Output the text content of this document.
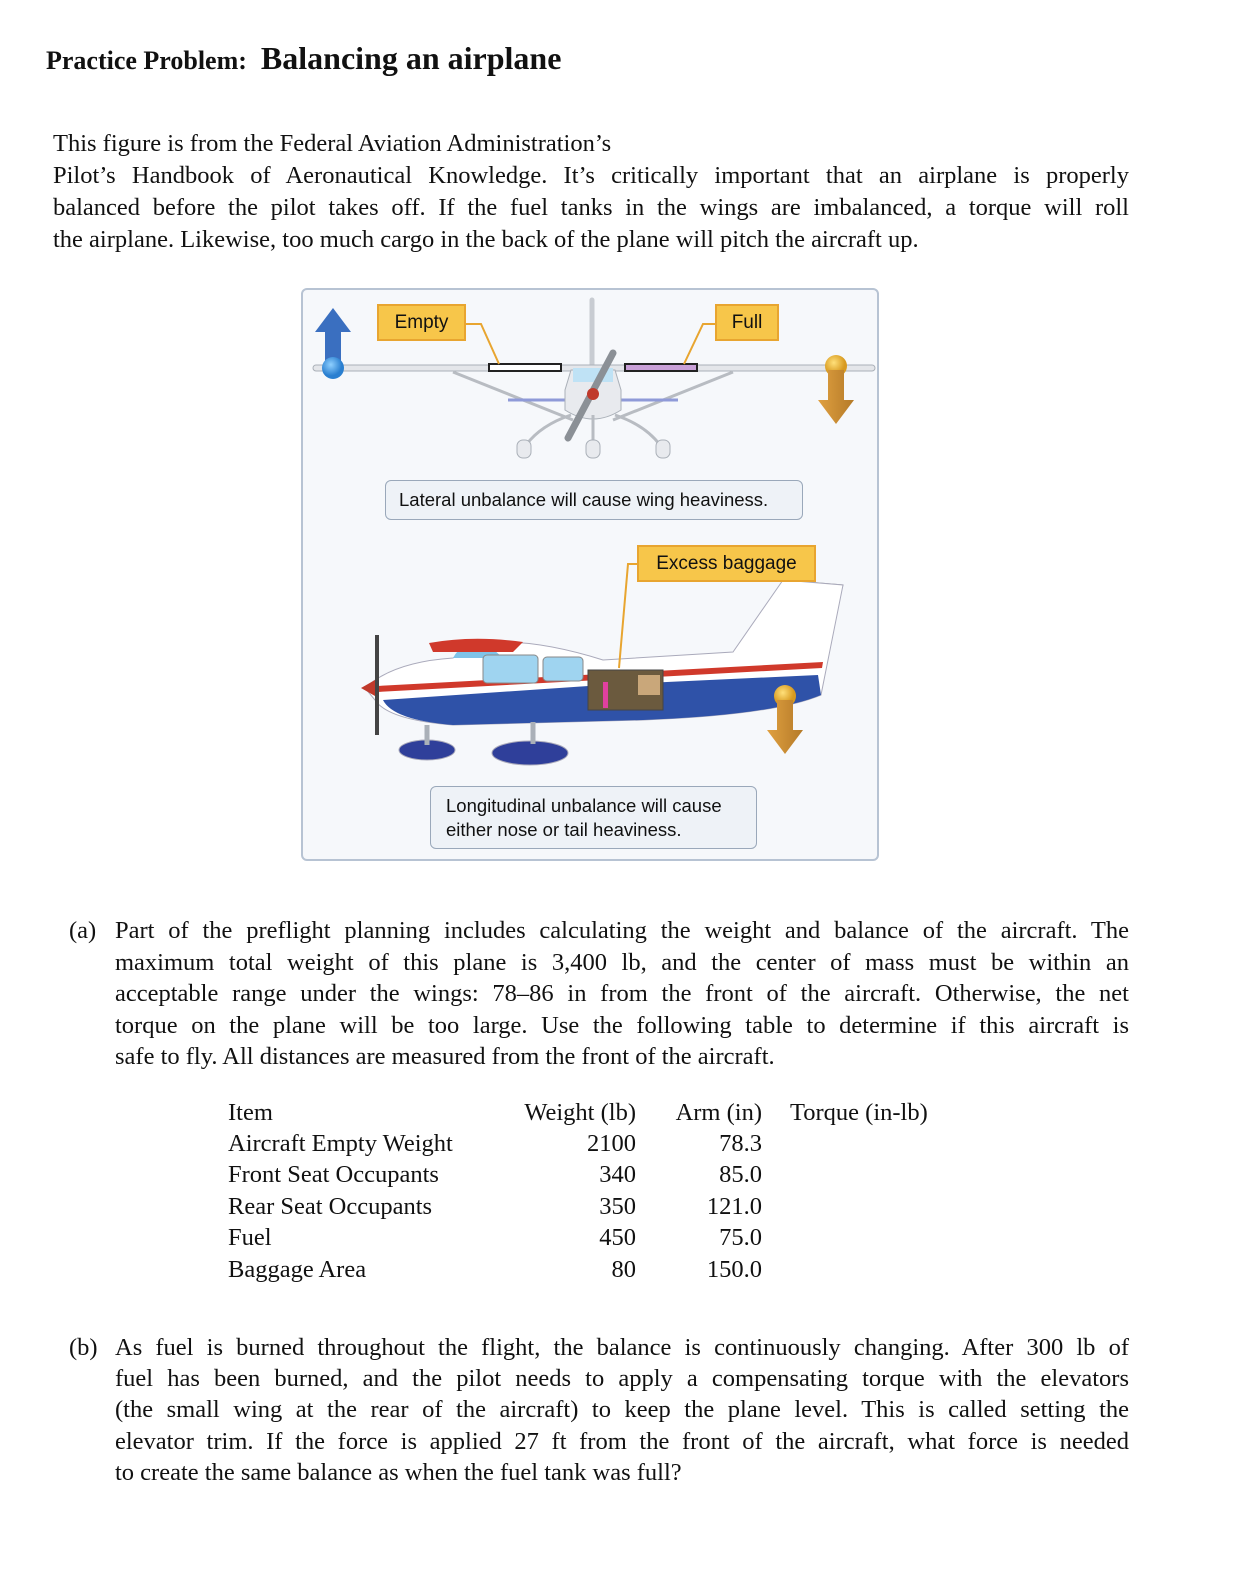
Practice Problem: Balancing an airplane
This figure is from the Federal Aviation Administration’s
Pilot’s Handbook of Aeronautical Knowledge. It’s critically important that an airplane is properly
balanced before the pilot takes off. If the fuel tanks in the wings are imbalanced, a torque will roll
the airplane. Likewise, too much cargo in the back of the plane will pitch the aircraft up.
Empty	Full
Lateral unbalance will cause wing heaviness.
Excess baggage
Longitudinal unbalance will cause
either nose or tail heaviness.
(a) Part of the preflight planning includes calculating the weight and balance of the aircraft. The
maximum total weight of this plane is 3,400 lb, and the center of mass must be within an
acceptable range under the wings: 78–86 in from the front of the aircraft. Otherwise, the net
torque on the plane will be too large. Use the following table to determine if this aircraft is
safe to fly. All distances are measured from the front of the aircraft.
Item	Weight (lb)	Arm (in) Torque (in-lb)
Aircraft Empty Weight	2100	78.3
Front Seat Occupants	340	85.0
Rear Seat Occupants	350	121.0
Fuel	450	75.0
Baggage Area	80	150.0
(b) As fuel is burned throughout the flight, the balance is continuously changing. After 300 lb of
fuel has been burned, and the pilot needs to apply a compensating torque with the elevators
(the small wing at the rear of the aircraft) to keep the plane level. This is called setting the
elevator trim. If the force is applied 27 ft from the front of the aircraft, what force is needed
to create the same balance as when the fuel tank was full?
